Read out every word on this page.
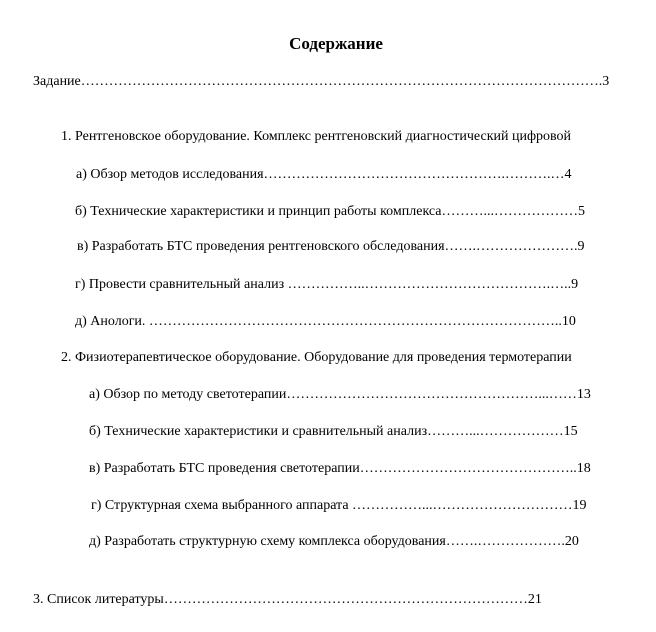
Содержание
Задание………………………………………………………………………………………………….3
1. Рентгеновское оборудование. Комплекс рентгеновский диагностический цифровой
а) Обзор методов исследования…………………………………………….……….…4
б) Технические характеристики и принцип работы комплекса………...………………5
в) Разработать БТС проведения рентгеновского обследования…….………………….9
г) Провести сравнительный анализ ……………..………………………………….…..9
д) Анологи. ……………………………………………………………………………..10
2. Физиотерапевтическое оборудование. Оборудование для проведения термотерапии
а) Обзор по методу светотерапии………………………………………………...……13
б) Технические характеристики и сравнительный анализ………...………………15
в) Разработать БТС проведения светотерапии………………………………………..18
г) Структурная схема выбранного аппарата ……………...…………………………19
д) Разработать структурную схему комплекса оборудования…….……………….20
3. Список литературы……………………………………………………………………21
